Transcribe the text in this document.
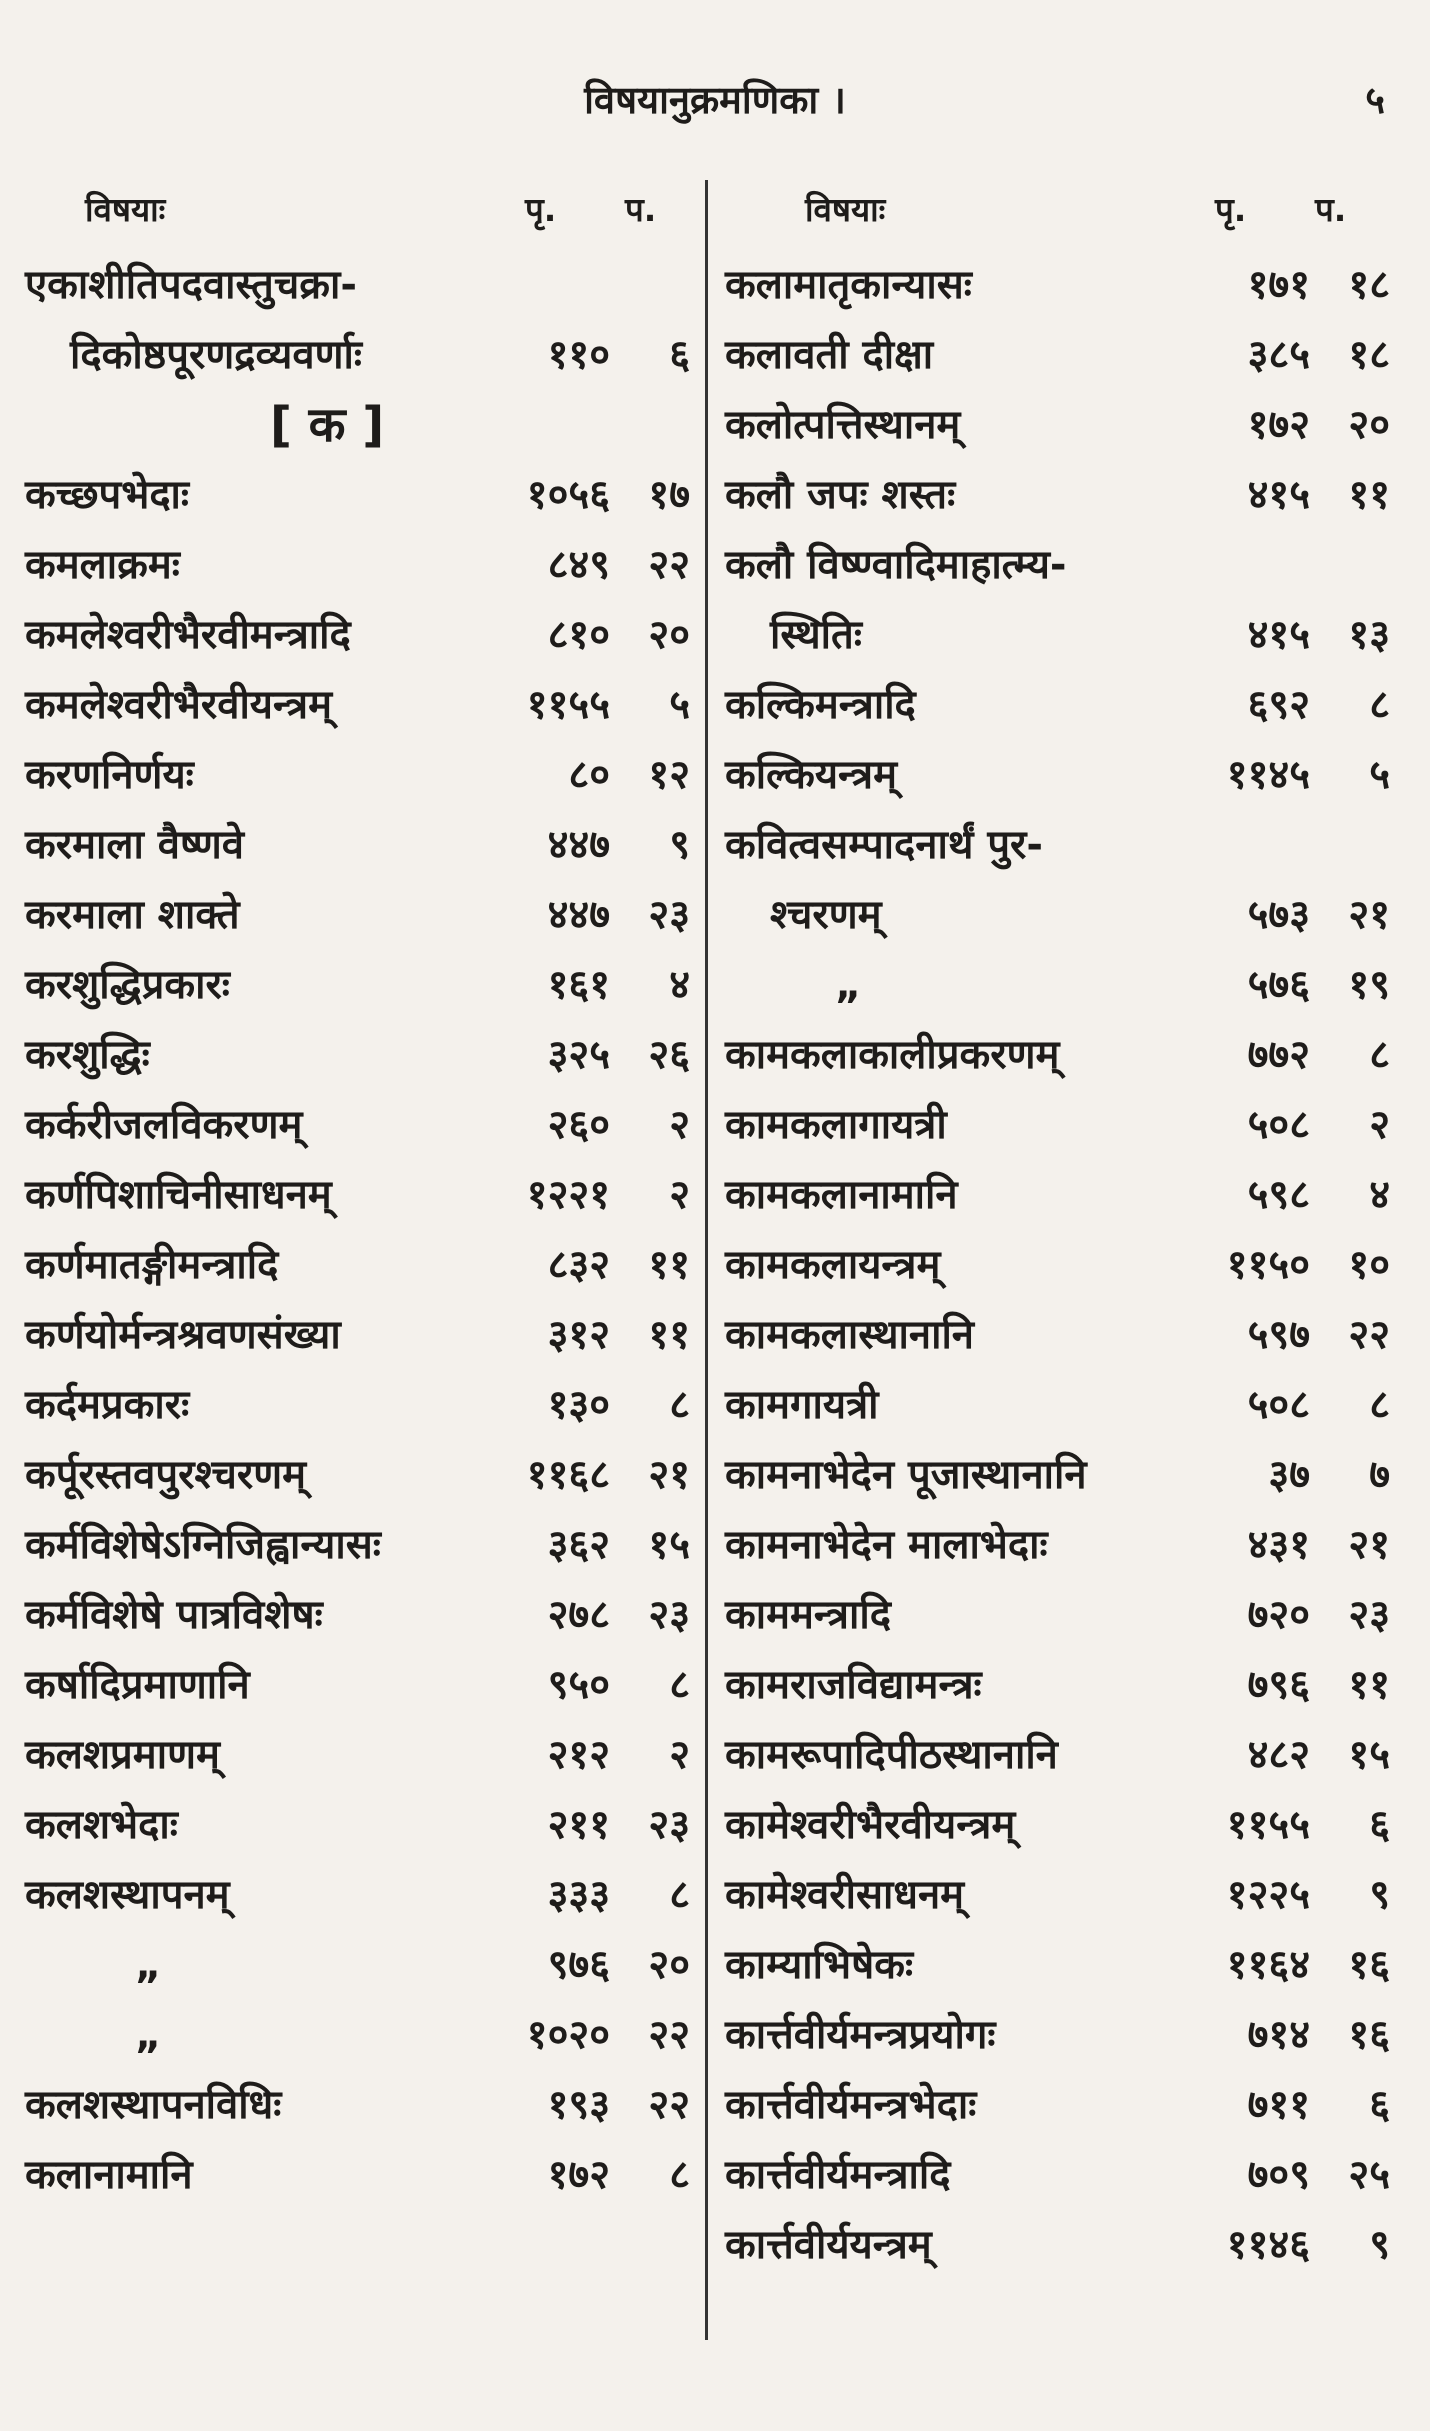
विषयानुक्रमणिका ।	५
विषयाः	पृ. प.	विषयाः	पृ. प.
एकाशीतिपदवास्तुचक्रा-
दिकोष्ठपूरणद्रव्यवर्णाः	११० ६
[ क ]
कच्छपभेदाः	१०५६ १७
कमलाक्रमः	८४९ २२
कमलेश्वरीभैरवीमन्त्रादि	८१० २०
कमलेश्वरीभैरवीयन्त्रम्	११५५ ५
करणनिर्णयः	८० १२
करमाला वैष्णवे	४४७ ९
करमाला शाक्ते	४४७ २३
करशुद्धिप्रकारः	१६१ ४
करशुद्धिः	३२५ २६
कर्करीजलविकरणम्	२६० २
कर्णपिशाचिनीसाधनम्	१२२१ २
कर्णमातङ्गीमन्त्रादि	८३२ ११
कर्णयोर्मन्त्रश्रवणसंख्या	३१२ ११
कर्दमप्रकारः	१३० ८
कर्पूरस्तवपुरश्चरणम्	११६८ २१
कर्मविशेषेऽग्निजिह्वान्यासः	३६२ १५
कर्मविशेषे पात्रविशेषः	२७८ २३
कर्षादिप्रमाणानि	९५० ८
कलशप्रमाणम्	२१२ २
कलशभेदाः	२११ २३
कलशस्थापनम्	३३३ ८
„	९७६ २०
„	१०२० २२
कलशस्थापनविधिः	१९३ २२
कलानामानि	१७२ ८
कलामातृकान्यासः	१७१ १८
कलावती दीक्षा	३८५ १८
कलोत्पत्तिस्थानम्	१७२ २०
कलौ जपः शस्तः	४१५ ११
कलौ विष्ण्वादिमाहात्म्य-
स्थितिः	४१५ १३
कल्किमन्त्रादि	६९२ ८
कल्कियन्त्रम्	११४५ ५
कवित्वसम्पादनार्थं पुर-
श्चरणम्	५७३ २१
„	५७६ १९
कामकलाकालीप्रकरणम्	७७२ ८
कामकलागायत्री	५०८ २
कामकलानामानि	५९८ ४
कामकलायन्त्रम्	११५० १०
कामकलास्थानानि	५९७ २२
कामगायत्री	५०८ ८
कामनाभेदेन पूजास्थानानि	३७ ७
कामनाभेदेन मालाभेदाः	४३१ २१
काममन्त्रादि	७२० २३
कामराजविद्यामन्त्रः	७९६ ११
कामरूपादिपीठस्थानानि	४८२ १५
कामेश्वरीभैरवीयन्त्रम्	११५५ ६
कामेश्वरीसाधनम्	१२२५ ९
काम्याभिषेकः	११६४ १६
कार्त्तवीर्यमन्त्रप्रयोगः	७१४ १६
कार्त्तवीर्यमन्त्रभेदाः	७११ ६
कार्त्तवीर्यमन्त्रादि	७०९ २५
कार्त्तवीर्ययन्त्रम्	११४६ ९
